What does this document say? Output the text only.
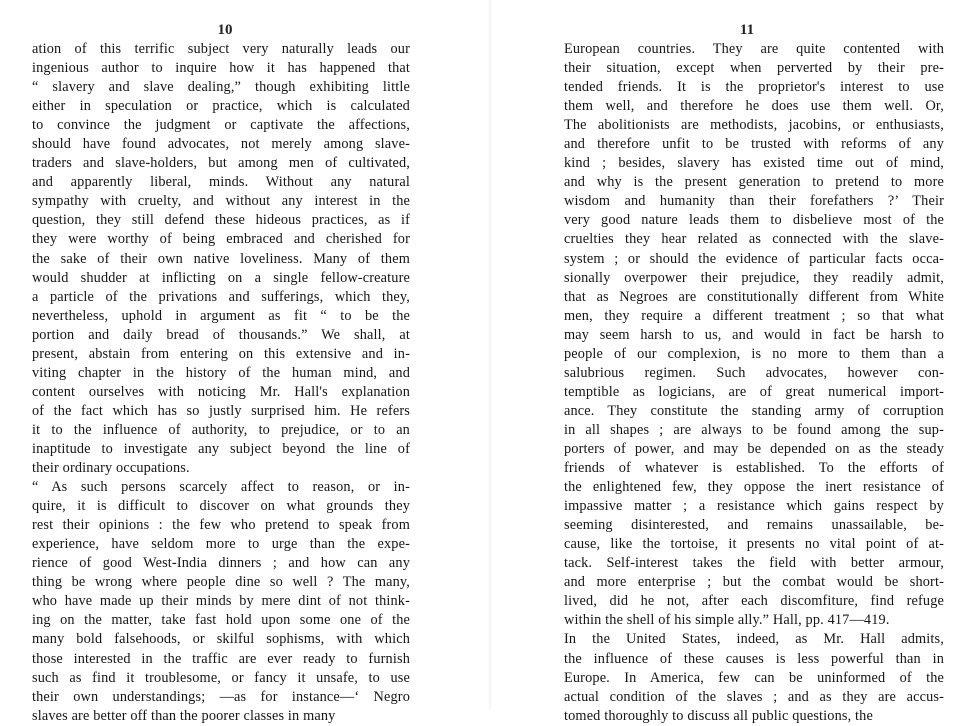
10
ation of this terrific subject very naturally leads our
ingenious author to inquire how it has happened that
“ slavery and slave dealing,” though exhibiting little
either in speculation or practice, which is calculated
to convince the judgment or captivate the affections,
should have found advocates, not merely among slave-
traders and slave-holders, but among men of cultivated,
and apparently liberal, minds. Without any natural
sympathy with cruelty, and without any interest in the
question, they still defend these hideous practices, as if
they were worthy of being embraced and cherished for
the sake of their own native loveliness. Many of them
would shudder at inflicting on a single fellow-creature
a particle of the privations and sufferings, which they,
nevertheless, uphold in argument as fit “ to be the
portion and daily bread of thousands.” We shall, at
present, abstain from entering on this extensive and in-
viting chapter in the history of the human mind, and
content ourselves with noticing Mr. Hall's explanation
of the fact which has so justly surprised him. He refers
it to the influence of authority, to prejudice, or to an
inaptitude to investigate any subject beyond the line of
their ordinary occupations.
“ As such persons scarcely affect to reason, or in-
quire, it is difficult to discover on what grounds they
rest their opinions : the few who pretend to speak from
experience, have seldom more to urge than the expe-
rience of good West-India dinners ; and how can any
thing be wrong where people dine so well ? The many,
who have made up their minds by mere dint of not think-
ing on the matter, take fast hold upon some one of the
many bold falsehoods, or skilful sophisms, with which
those interested in the traffic are ever ready to furnish
such as find it troublesome, or fancy it unsafe, to use
their own understandings; —as for instance—‘ Negro
slaves are better off than the poorer classes in many
11
European countries. They are quite contented with
their situation, except when perverted by their pre-
tended friends. It is the proprietor's interest to use
them well, and therefore he does use them well. Or,
The abolitionists are methodists, jacobins, or enthusiasts,
and therefore unfit to be trusted with reforms of any
kind ; besides, slavery has existed time out of mind,
and why is the present generation to pretend to more
wisdom and humanity than their forefathers ?’ Their
very good nature leads them to disbelieve most of the
cruelties they hear related as connected with the slave-
system ; or should the evidence of particular facts occa-
sionally overpower their prejudice, they readily admit,
that as Negroes are constitutionally different from White
men, they require a different treatment ; so that what
may seem harsh to us, and would in fact be harsh to
people of our complexion, is no more to them than a
salubrious regimen. Such advocates, however con-
temptible as logicians, are of great numerical import-
ance. They constitute the standing army of corruption
in all shapes ; are always to be found among the sup-
porters of power, and may be depended on as the steady
friends of whatever is established. To the efforts of
the enlightened few, they oppose the inert resistance of
impassive matter ; a resistance which gains respect by
seeming disinterested, and remains unassailable, be-
cause, like the tortoise, it presents no vital point of at-
tack. Self-interest takes the field with better armour,
and more enterprise ; but the combat would be short-
lived, did he not, after each discomfiture, find refuge
within the shell of his simple ally.” Hall, pp. 417—419.
In the United States, indeed, as Mr. Hall admits,
the influence of these causes is less powerful than in
Europe. In America, few can be uninformed of the
actual condition of the slaves ; and as they are accus-
tomed thoroughly to discuss all public questions, the
